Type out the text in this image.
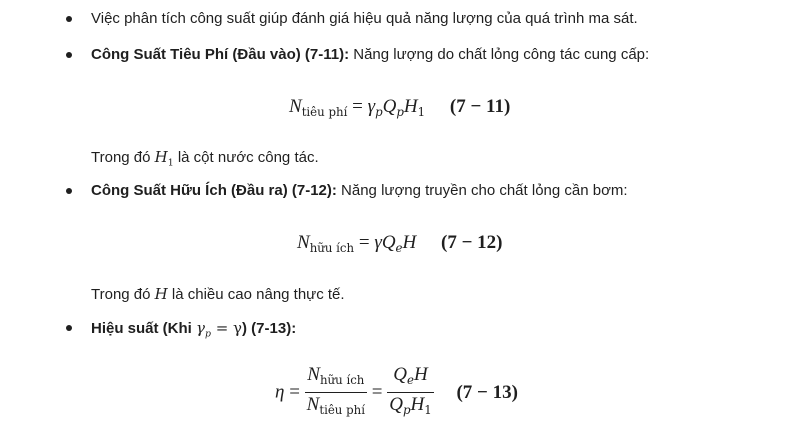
Việc phân tích công suất giúp đánh giá hiệu quả năng lượng của quá trình ma sát.
Công Suất Tiêu Phí (Đầu vào) (7-11): Năng lượng do chất lỏng công tác cung cấp:
$N_{tiêu phí} = \gamma_pQ_pH_1$ (7 − 11)
Trong đó $H_1$ là cột nước công tác.
Công Suất Hữu Ích (Đầu ra) (7-12): Năng lượng truyền cho chất lỏng cần bơm:
$N_{hữu ích} = \gamma Q_eH$ (7 − 12)
Trong đó H là chiều cao nâng thực tế.
Hiệu suất (Khi $\gamma_p = \gamma$) (7-13):
$\eta = \frac{N_{hữu ích}}{N_{tiêu phí}} = \frac{Q_eH}{Q_pH_1} (7 - 13)$
